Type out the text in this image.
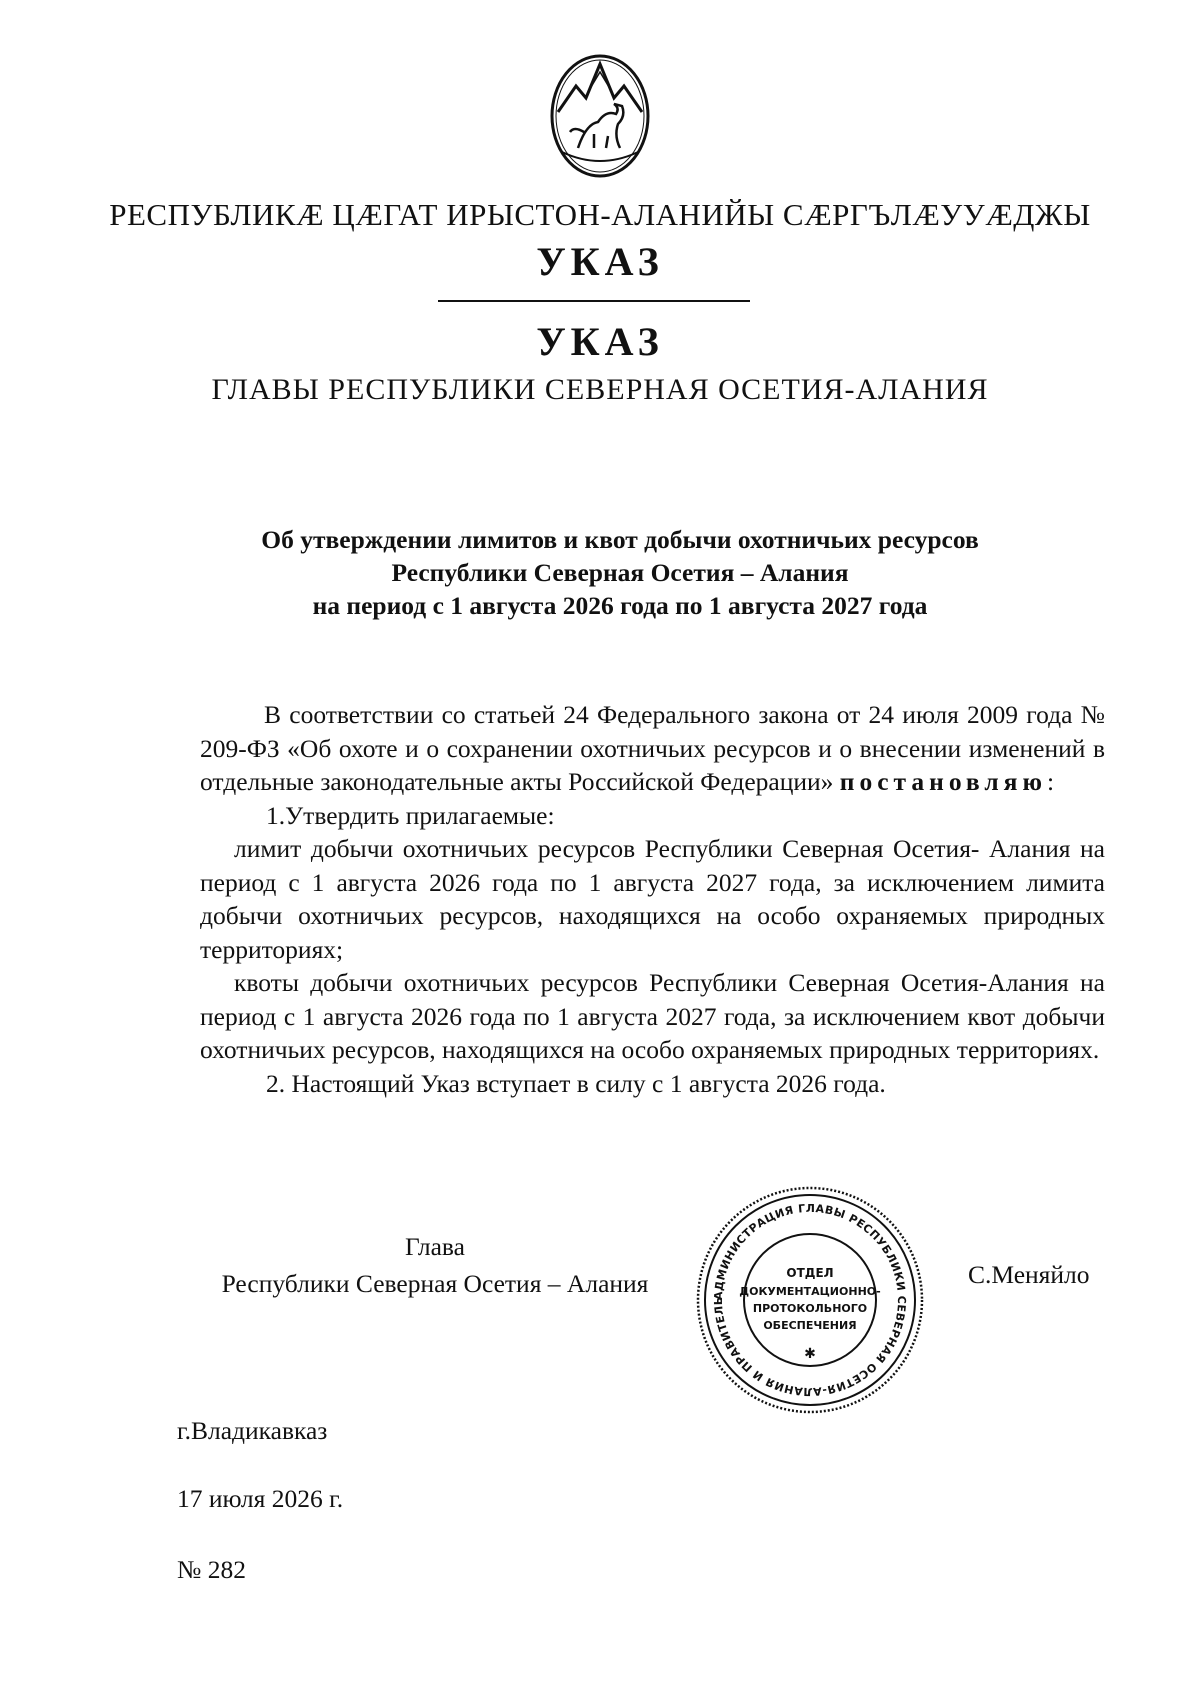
РЕСПУБЛИКӔ ЦӔГАТ ИРЫСТОН-АЛАНИЙЫ СӔРГЪЛӔУУӔДЖЫ
УКАЗ
УКАЗ
ГЛАВЫ РЕСПУБЛИКИ СЕВЕРНАЯ ОСЕТИЯ-АЛАНИЯ
Об утверждении лимитов и квот добычи охотничьих ресурсов
Республики Северная Осетия – Алания
на период с 1 августа 2026 года по 1 августа 2027 года
В соответствии со статьей 24 Федерального закона от 24 июля 2009 года № 209-ФЗ «Об охоте и о сохранении охотничьих ресурсов и о внесении изменений в отдельные законодательные акты Российской Федерации» постановляю:
1.Утвердить прилагаемые:
лимит добычи охотничьих ресурсов Республики Северная Осетия- Алания на период с 1 августа 2026 года по 1 августа 2027 года, за исключением лимита добычи охотничьих ресурсов, находящихся на особо охраняемых природных территориях;
квоты добычи охотничьих ресурсов Республики Северная Осетия-Алания на период с 1 августа 2026 года по 1 августа 2027 года, за исключением квот добычи охотничьих ресурсов, находящихся на особо охраняемых природных территориях.
2. Настоящий Указ вступает в силу с 1 августа 2026 года.
Глава
Республики Северная Осетия – Алания	АДМИНИСТРАЦИЯ ГЛАВЫ РЕСПУБЛИКИ СЕВЕРНАЯ ОСЕТИЯ-АЛАНИЯ И ПРАВИТЕЛЬ
ОТДЕЛ
ДОКУМЕНТАЦИОННО-
ПРОТОКОЛЬНОГО
ОБЕСПЕЧЕНИЯ
✱
С.Меняйло
г.Владикавказ
17 июля 2026 г.
№ 282
